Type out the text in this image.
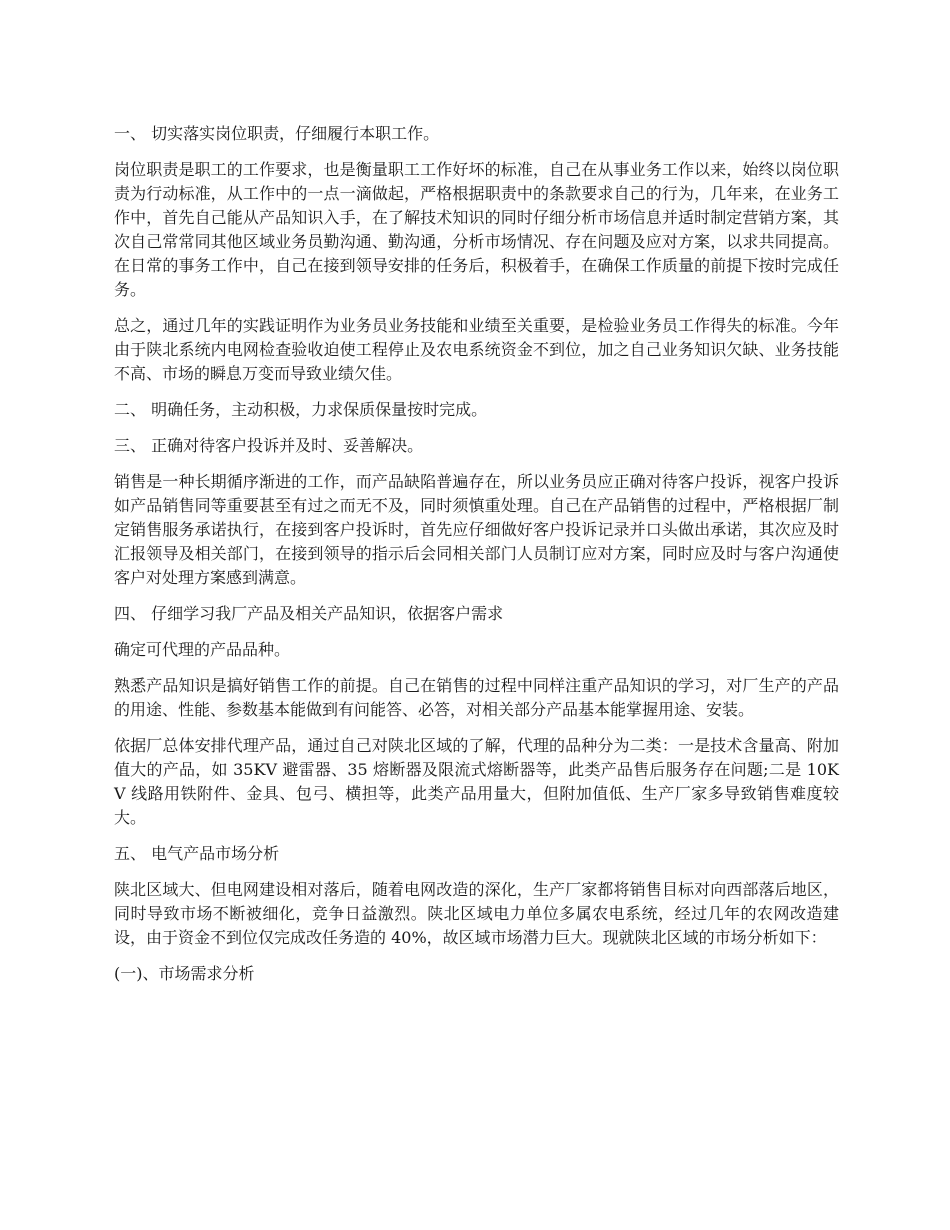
一、 切实落实岗位职责，仔细履行本职工作。

岗位职责是职工的工作要求，也是衡量职工工作好坏的标准，自己在从事业务工作以来，始终以岗位职责为行动标准，从工作中的一点一滴做起，严格根据职责中的条款要求自己的行为，几年来，在业务工作中，首先自己能从产品知识入手，在了解技术知识的同时仔细分析市场信息并适时制定营销方案，其次自己常常同其他区域业务员勤沟通、勤沟通，分析市场情况、存在问题及应对方案，以求共同提高。在日常的事务工作中，自己在接到领导安排的任务后，积极着手，在确保工作质量的前提下按时完成任务。

总之，通过几年的实践证明作为业务员业务技能和业绩至关重要，是检验业务员工作得失的标准。今年由于陕北系统内电网检查验收迫使工程停止及农电系统资金不到位，加之自己业务知识欠缺、业务技能不高、市场的瞬息万变而导致业绩欠佳。

二、 明确任务，主动积极，力求保质保量按时完成。

三、 正确对待客户投诉并及时、妥善解决。

销售是一种长期循序渐进的工作，而产品缺陷普遍存在，所以业务员应正确对待客户投诉，视客户投诉如产品销售同等重要甚至有过之而无不及，同时须慎重处理。自己在产品销售的过程中，严格根据厂制定销售服务承诺执行，在接到客户投诉时，首先应仔细做好客户投诉记录并口头做出承诺，其次应及时汇报领导及相关部门，在接到领导的指示后会同相关部门人员制订应对方案，同时应及时与客户沟通使客户对处理方案感到满意。

四、 仔细学习我厂产品及相关产品知识，依据客户需求

确定可代理的产品品种。

熟悉产品知识是搞好销售工作的前提。自己在销售的过程中同样注重产品知识的学习，对厂生产的产品的用途、性能、参数基本能做到有问能答、必答，对相关部分产品基本能掌握用途、安装。

依据厂总体安排代理产品，通过自己对陕北区域的了解，代理的品种分为二类：一是技术含量高、附加值大的产品，如 35KV 避雷器、35 熔断器及限流式熔断器等，此类产品售后服务存在问题;二是 10KV 线路用铁附件、金具、包弓、横担等，此类产品用量大，但附加值低、生产厂家多导致销售难度较大。

五、 电气产品市场分析

陕北区域大、但电网建设相对落后，随着电网改造的深化，生产厂家都将销售目标对向西部落后地区，同时导致市场不断被细化，竞争日益激烈。陕北区域电力单位多属农电系统，经过几年的农网改造建设，由于资金不到位仅完成改任务造的 40%，故区域市场潜力巨大。现就陕北区域的市场分析如下：

(一)、市场需求分析
